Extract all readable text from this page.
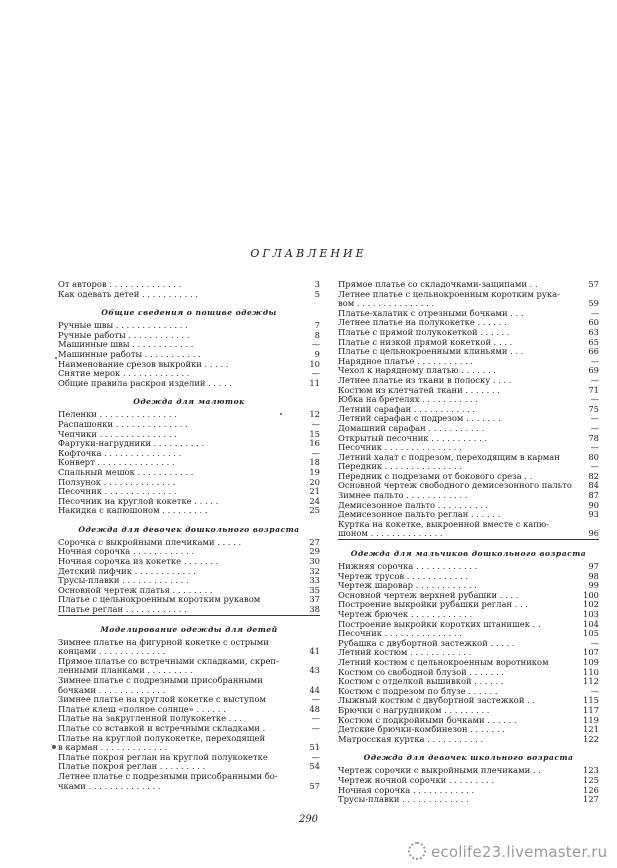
ОГЛАВЛЕНИЕ
От авторов . . . . . . . . . . . . . .	3
Как одевать детей . . . . . . . . . . .	5
Общие сведения о пошиве одежды
Ручные швы . . . . . . . . . . . . . .	7
Ручные работы . . . . . . . . . . . .	8
Машинные швы . . . . . . . . . . . .	—
Машинные работы . . . . . . . . . . .	9
Наименование срезов выкройки . . . . .	10
Снятие мерок . . . . . . . . . . . . .	—
Общие правила раскроя изделий . . . . .	11
Одежда для малюток
Пеленки . . . . . . . . . . . . . . .	12
Распашонки . . . . . . . . . . . . . .	—
Чепчики . . . . . . . . . . . . . . .	15
Фартуки-нагрудники . . . . . . . . . .	16
Кофточка . . . . . . . . . . . . . . .	—
Конверт . . . . . . . . . . . . . . .	18
Спальный мешок . . . . . . . . . . .	19
Ползунок . . . . . . . . . . . . . .	20
Песочник . . . . . . . . . . . . . .	21
Песочник на круглой кокетке . . . . .	24
Накидка с капюшоном . . . . . . . . .	25
Одежда для девочек дошкольного возраста
Сорочка с выкройными плечиками . . . . .	27
Ночная сорочка . . . . . . . . . . . .	29
Ночная сорочка из кокетке . . . . . . .	30
Детский лифчик . . . . . . . . . . . .	32
Трусы-плавки . . . . . . . . . . . . .	33
Основной чертеж платья . . . . . . . .	35
Платье с цельнокроенным коротким рукавом	37
Платье реглан . . . . . . . . . . . .	38
Моделирование одежды для детей
Зимнее платье на фигурной кокетке с острыми
концами . . . . . . . . . . . . .	41
Прямое платье со встречными складками, скреп-
ленными планками . . . . . . . . .	43
Зимнее платье с подрезными присобранными
бочками . . . . . . . . . . . . .	44
Зимнее платье на круглой кокетке с выступом	—
Платье клеш «полное солнце» . . . . . .	48
Платье на закругленной полукокетке . . .	—
Платье со вставкой и встречными складками .	—
Платье на круглой полукокетке, переходящей
в карман . . . . . . . . . . . . .	51
Платье покроя реглан на круглой полукокетке	—
Платье покроя реглан . . . . . . . . .	54
Летнее платье с подрезными присобранными бо-
чками . . . . . . . . . . . . . .	57
Прямое платье со складочками-защипами . .	57
Летнее платье с цельнокроенным коротким рука-
вом . . . . . . . . . . . . . . .	59
Платье-халатик с отрезными бочками . . .	—
Летнее платье на полукокетке . . . . . .	60
Платье с прямой полукокеткой . . . . . .	63
Платье с низкой прямой кокеткой . . . .	65
Платье с цельнокроенными клиньями . . .	66
Нарядное платье . . . . . . . . . . .	—
Чехол к нарядному платью . . . . . . .	69
Летнее платье из ткани в полоску . . . .	—
Костюм из клетчатей ткани . . . . . . .	71
Юбка на бретелях . . . . . . . . . . .	—
Летний сарафан . . . . . . . . . . . .	75
Летний сарафан с подрезом . . . . . . .	—
Домашний сарафан . . . . . . . . . . .	—
Открытый песочник . . . . . . . . . . .	78
Песочник . . . . . . . . . . . . . . .	—
Летний халат с подрезом, переходящим в карман	80
Передник . . . . . . . . . . . . . . .	—
Передник с подрезами от бокового среза . .	82
Основной чертеж свободного демисезонного пальто 84
Зимнее пальто . . . . . . . . . . . .	87
Демисезонное пальто . . . . . . . . . .	90
Демисезонное пальто реглан . . . . . .	93
Куртка на кокетке, выкроенной вместе с капю-
шоном . . . . . . . . . . . . . .	96
Одежда для мальчиков дошкольного возраста
Нижняя сорочка . . . . . . . . . . . .	97
Чертеж трусов . . . . . . . . . . . .	98
Чертеж шаровар . . . . . . . . . . . .	99
Основной чертеж верхней рубашки . . . .	100
Построение выкройки рубашки реглан . . .	102
Чертеж брючек . . . . . . . . . . . .	103
Построение выкройки коротких штанишек . .	104
Песочник . . . . . . . . . . . . . . .	105
Рубашка с двубортной застежкой . . . . .	—
Летний костюм . . . . . . . . . . . .	107
Летний костюм с цельнокроенным воротником	109
Костюм со свободной блузой . . . . . . .	110
Костюм с отделкой вышивкой . . . . . .	112
Костюм с подрезом по блузе . . . . . .	—
Лыжный костюм с двубортной застежкой . .	115
Брючки с нагрудником . . . . . . . . .	117
Костюм с подкройными бочками . . . . . .	119
Детские брючки-комбинезон . . . . . . .	121
Матросская куртка . . . . . . . . . . .	122
Одежда для девочек школьного возраста
Чертеж сорочки с выкройными плечиками . .	123
Чертеж ночной сорочки . . . . . . . . .	125
Ночная сорочка . . . . . . . . . . . .	126
Трусы-плавки . . . . . . . . . . . . .	127
290
ecolife23.livemaster.ru
